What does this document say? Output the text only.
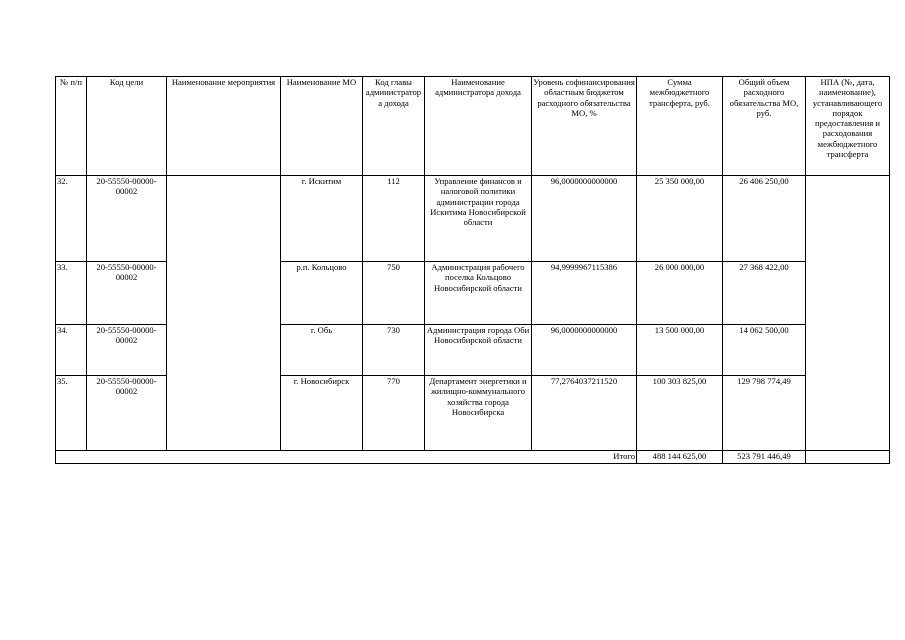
№ п/п	Код цели	Наименование мероприятия	Наименование МО	Код главы администратора дохода	Наименование администратора дохода	Уровень софинансирования областным бюджетом расходного обязательства МО, %	Сумма межбюджетного трансферта, руб.	Общий объем расходного обязательства МО, руб.	НПА (№, дата, наименование), устанавливающего порядок предоставления и расходования межбюджетного трансферта
32.	20-55550-00000-00002		г. Искитим	112	Управление финансов и налоговой политики администрации города Искитима Новосибирской области	96,0000000000000	25 350 000,00	26 406 250,00	
33.	20-55550-00000-00002		р.п. Кольцово	750	Администрация рабочего поселка Кольцово Новосибирской области	94,9999967115386	26 000 000,00	27 368 422,00	
34.	20-55550-00000-00002		г. Обь	730	Администрация города Оби Новосибирской области	96,0000000000000	13 500 000,00	14 062 500,00	
35.	20-55550-00000-00002		г. Новосибирск	770	Департамент энергетики и жилищно-коммунального хозяйства города Новосибирска	77,2764037211520	100 303 825,00	129 798 774,49	
Итого							488 144 625,00	523 791 446,49	
